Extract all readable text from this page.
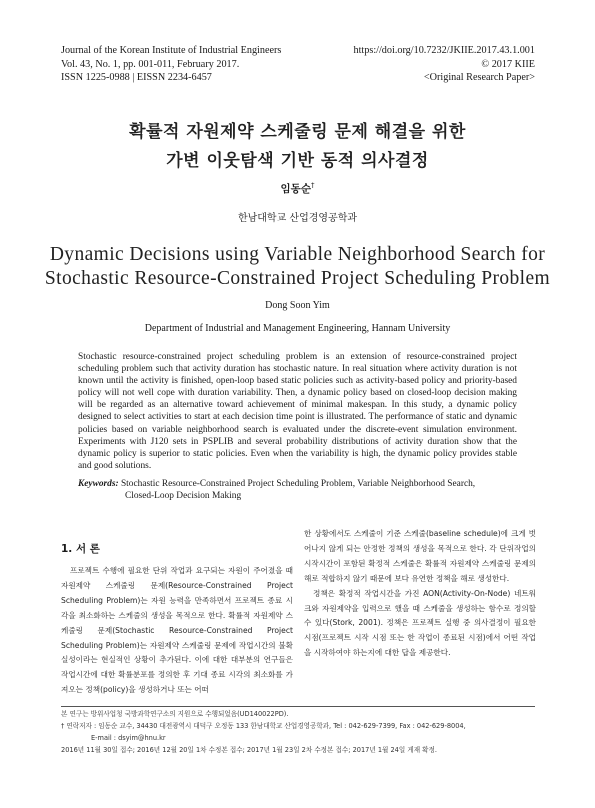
Journal of the Korean Institute of Industrial Engineers
Vol. 43, No. 1, pp. 001-011, February 2017.
ISSN 1225-0988 | EISSN 2234-6457
https://doi.org/10.7232/JKIIE.2017.43.1.001
© 2017 KIIE
<Original Research Paper>
확률적 자원제약 스케줄링 문제 해결을 위한
가변 이웃탐색 기반 동적 의사결정
임동순†
한남대학교 산업경영공학과
Dynamic Decisions using Variable Neighborhood Search for
Stochastic Resource-Constrained Project Scheduling Problem
Dong Soon Yim
Department of Industrial and Management Engineering, Hannam University
Stochastic resource-constrained project scheduling problem is an extension of resource-constrained project scheduling problem such that activity duration has stochastic nature. In real situation where activity duration is not known until the activity is finished, open-loop based static policies such as activity-based policy and priority-based policy will not well cope with duration variability. Then, a dynamic policy based on closed-loop decision making will be regarded as an alternative toward achievement of minimal makespan. In this study, a dynamic policy designed to select activities to start at each decision time point is illustrated. The performance of static and dynamic policies based on variable neighborhood search is evaluated under the discrete-event simulation environment. Experiments with J120 sets in PSPLIB and several probability distributions of activity duration show that the dynamic policy is superior to static policies. Even when the variability is high, the dynamic policy provides stable and good solutions.
Keywords: Stochastic Resource-Constrained Project Scheduling Problem, Variable Neighborhood Search,
Closed-Loop Decision Making
1. 서 론

프로젝트 수행에 필요한 단위 작업과 요구되는 자원이 주어졌을 때 자원제약 스케줄링 문제(Resource-Constrained Project Scheduling Problem)는 자원 능력을 만족하면서 프로젝트 종료 시각을 최소화하는 스케줄의 생성을 목적으로 한다. 확률적 자원제약 스케줄링 문제(Stochastic Resource-Constrained Project Scheduling Problem)는 자원제약 스케줄링 문제에 작업시간의 불확실성이라는 현실적인 상황이 추가된다. 이에 대한 대부분의 연구들은 작업시간에 대한 확률분포를 정의한 후 기대 종료 시각의 최소화를 가져오는 정책(policy)을 생성하거나 또는 어떠

한 상황에서도 스케줄이 기준 스케줄(baseline schedule)에 크게 벗어나지 않게 되는 안정한 정책의 생성을 목적으로 한다. 각 단위작업의 시작시간이 포함된 확정적 스케줄은 확률적 자원제약 스케줄링 문제의 해로 적합하지 않기 때문에 보다 유연한 정책을 해로 생성한다.

정책은 확정적 작업시간을 가진 AON(Activity-On-Node) 네트워크와 자원제약을 입력으로 했을 때 스케줄을 생성하는 함수로 정의할 수 있다(Stork, 2001). 정책은 프로젝트 실행 중 의사결정이 필요한 시점(프로젝트 시작 시점 또는 한 작업이 종료된 시점)에서 어떤 작업을 시작하여야 하는지에 대한 답을 제공한다.

본 연구는 방위사업청 국방과학연구소의 지원으로 수행되었음(UD140022PD).
† 연락저자 : 임동순 교수, 34430 대전광역시 대덕구 오정동 133 한남대학교 산업경영공학과, Tel : 042-629-7399, Fax : 042-629-8004,
E-mail : dsyim@hnu.kr
2016년 11월 30일 접수; 2016년 12월 20일 1차 수정본 접수; 2017년 1월 23일 2차 수정본 접수; 2017년 1월 24일 게재 확정.
